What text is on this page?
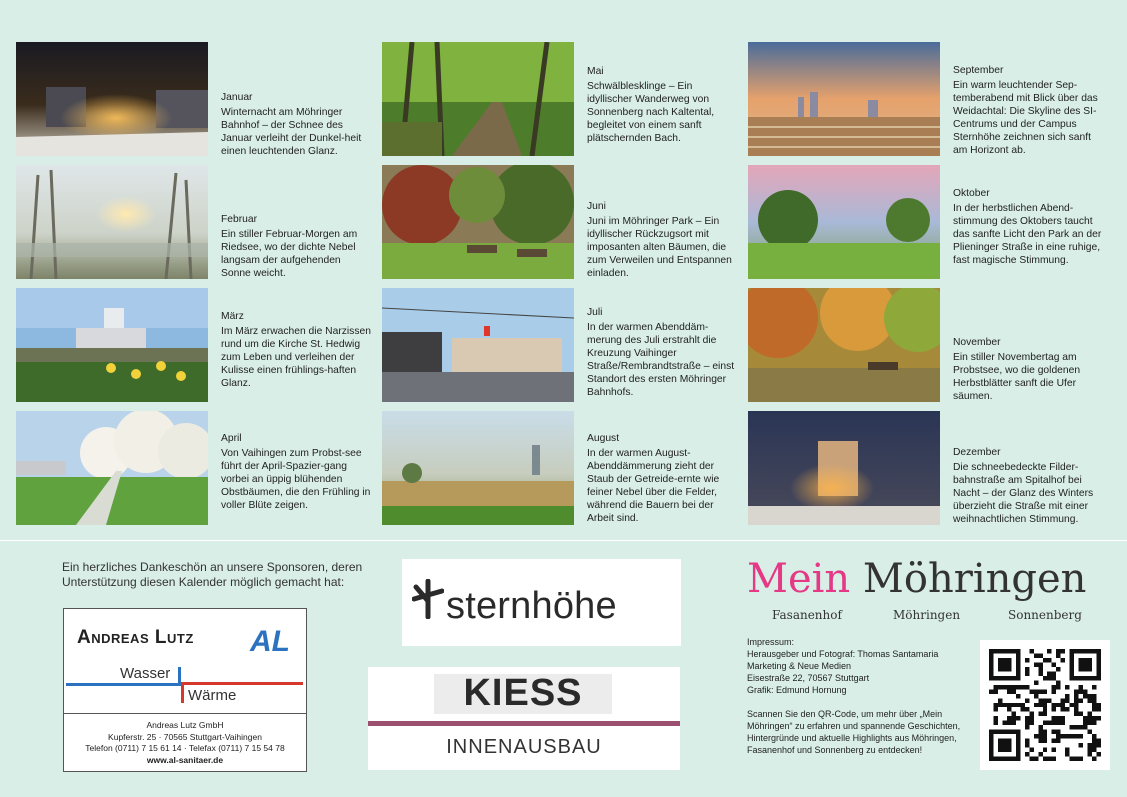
Januar
Winternacht am Möhringer Bahnhof – der Schnee des Januar verleiht der Dunkel-heit einen leuchtenden Glanz.
Februar
Ein stiller Februar-Morgen am Riedsee, wo der dichte Nebel langsam der aufgehenden Sonne weicht.
März
Im März erwachen die Narzissen rund um die Kirche St. Hedwig zum Leben und verleihen der Kulisse einen frühlings-haften Glanz.
April
Von Vaihingen zum Probst-see führt der April-Spazier-gang vorbei an üppig blühenden Obstbäumen, die den Frühling in voller Blüte zeigen.
Mai
Schwälblesklinge – Ein idyllischer Wanderweg von Sonnenberg nach Kaltental, begleitet von einem sanft plätschernden Bach.
Juni
Juni im Möhringer Park – Ein idyllischer Rückzugsort mit imposanten alten Bäumen, die zum Verweilen und Entspannen einladen.
Juli
In der warmen Abenddäm-merung des Juli erstrahlt die Kreuzung Vaihinger Straße/Rembrandtstraße – einst Standort des ersten Möhringer Bahnhofs.
August
In der warmen August-Abenddämmerung zieht der Staub der Getreide-ernte wie feiner Nebel über die Felder, während die Bauern bei der Arbeit sind.
September
Ein warm leuchtender Sep-temberabend mit Blick über das Weidachtal: Die Skyline des SI-Centrums und der Campus Sternhöhe zeichnen sich sanft am Horizont ab.
Oktober
In der herbstlichen Abend-stimmung des Oktobers taucht das sanfte Licht den Park an der Plieninger Straße in eine ruhige, fast magische Stimmung.
November
Ein stiller Novembertag am Probstsee, wo die goldenen Herbstblätter sanft die Ufer säumen.
Dezember
Die schneebedeckte Filder-bahnstraße am Spitalhof bei Nacht – der Glanz des Winters überzieht die Straße mit einer weihnachtlichen Stimmung.
Ein herzliches Dankeschön an unsere Sponsoren, deren Unterstützung diesen Kalender möglich gemacht hat:
Andreas Lutz AL
Wasser
Wärme
Andreas Lutz GmbH
Kupferstr. 25 · 70565 Stuttgart-Vaihingen
Telefon (0711) 7 15 61 14 · Telefax (0711) 7 15 54 78
www.al-sanitaer.de
sternhöhe
KIESS
INNENAUSBAU
Mein Möhringen
Fasanenhof	Möhringen	Sonnenberg
Impressum:
Herausgeber und Fotograf: Thomas Santamaria
Marketing & Neue Medien
Eisestraße 22, 70567 Stuttgart
Grafik: Edmund Hornung
Scannen Sie den QR-Code, um mehr über „Mein Möhringen“ zu erfahren und spannende Geschichten, Hintergründe und aktuelle Highlights aus Möhringen, Fasanenhof und Sonnenberg zu entdecken!
